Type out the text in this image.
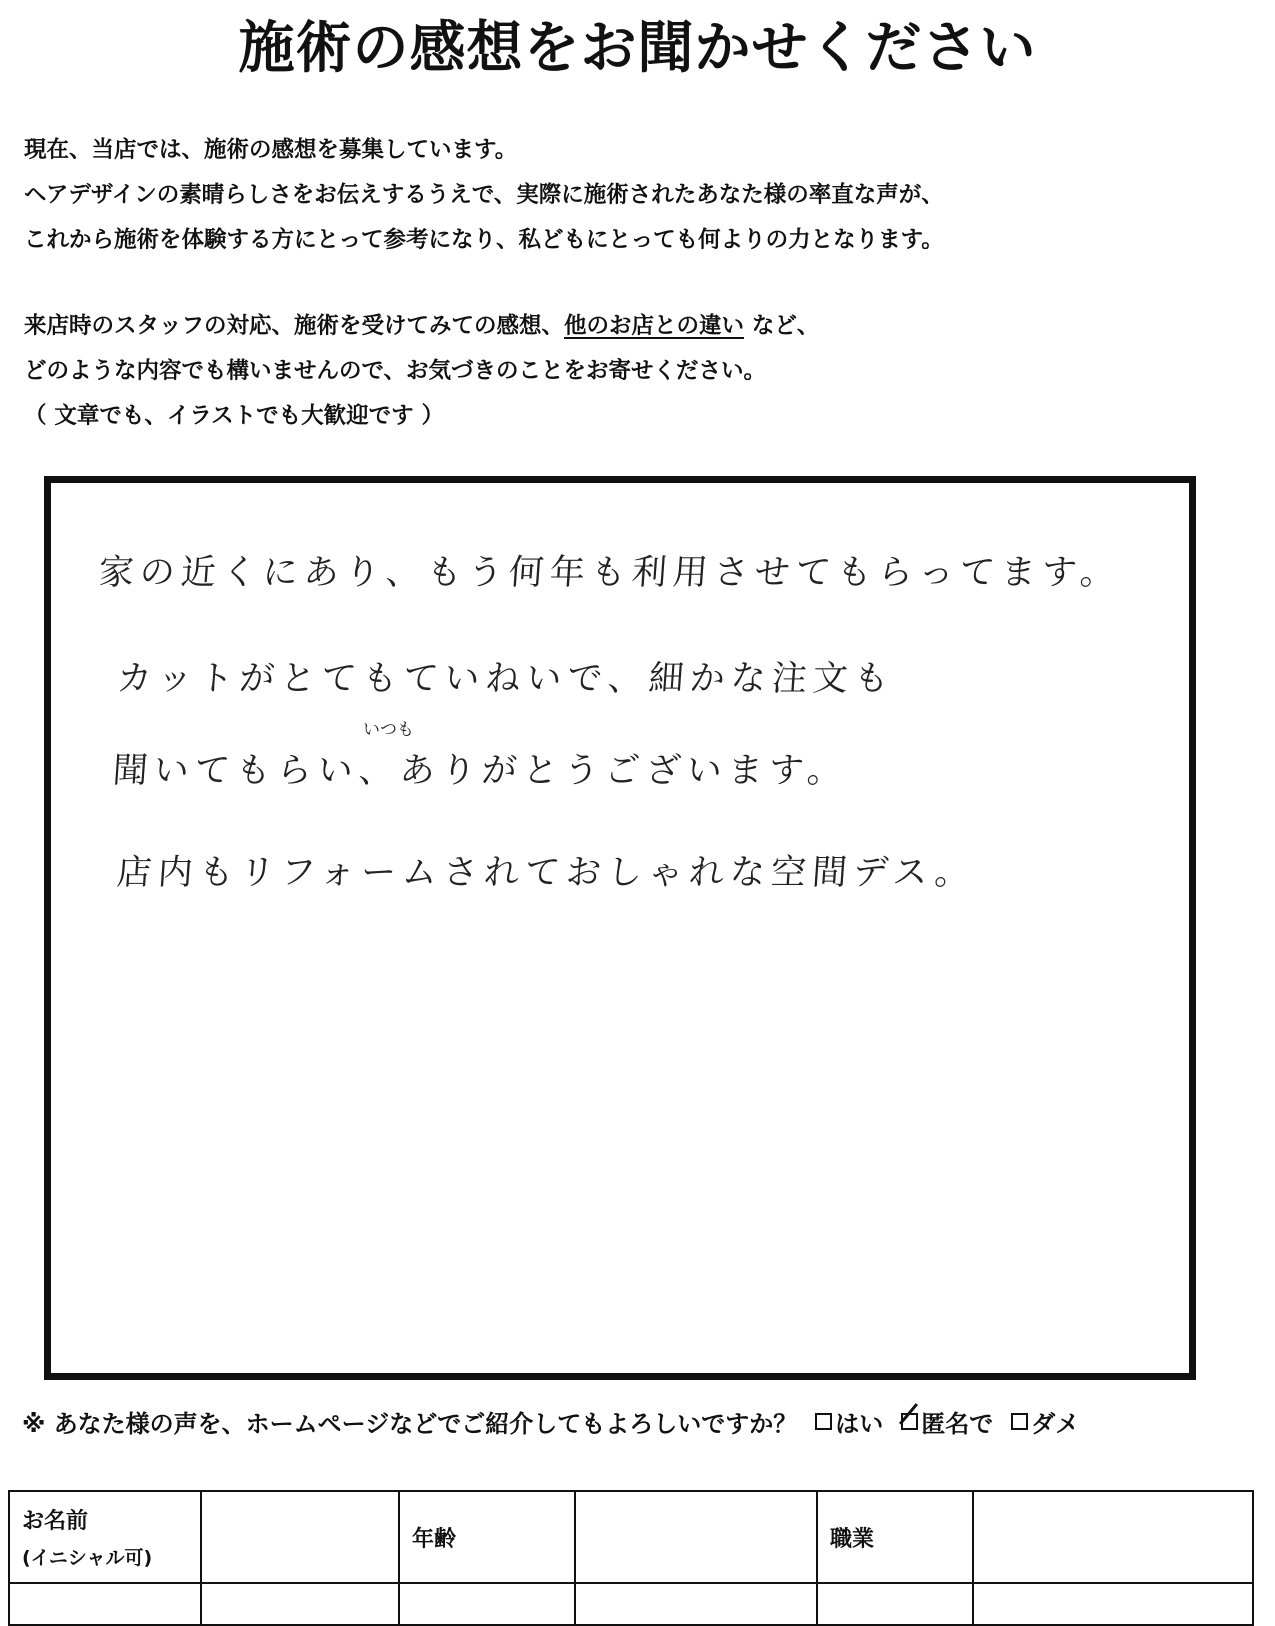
施術の感想をお聞かせください
現在、当店では、施術の感想を募集しています。
ヘアデザインの素晴らしさをお伝えするうえで、実際に施術されたあなた様の率直な声が、
これから施術を体験する方にとって参考になり、私どもにとっても何よりの力となります。
来店時のスタッフの対応、施術を受けてみての感想、他のお店との違い など、
どのような内容でも構いませんので、お気づきのことをお寄せください。
（ 文章でも、イラストでも大歓迎です ）
家の近くにあり、もう何年も利用させてもらってます。
カットがとてもていねいで、細かな注文も
いつも
聞いてもらい、ありがとうございます。
店内もリフォームされておしゃれな空間デス。
※ あなた様の声を、ホームページなどでご紹介してもよろしいですか？ はい 匿名で ダメ
お名前
(イニシャル可)		年齢		職業	
